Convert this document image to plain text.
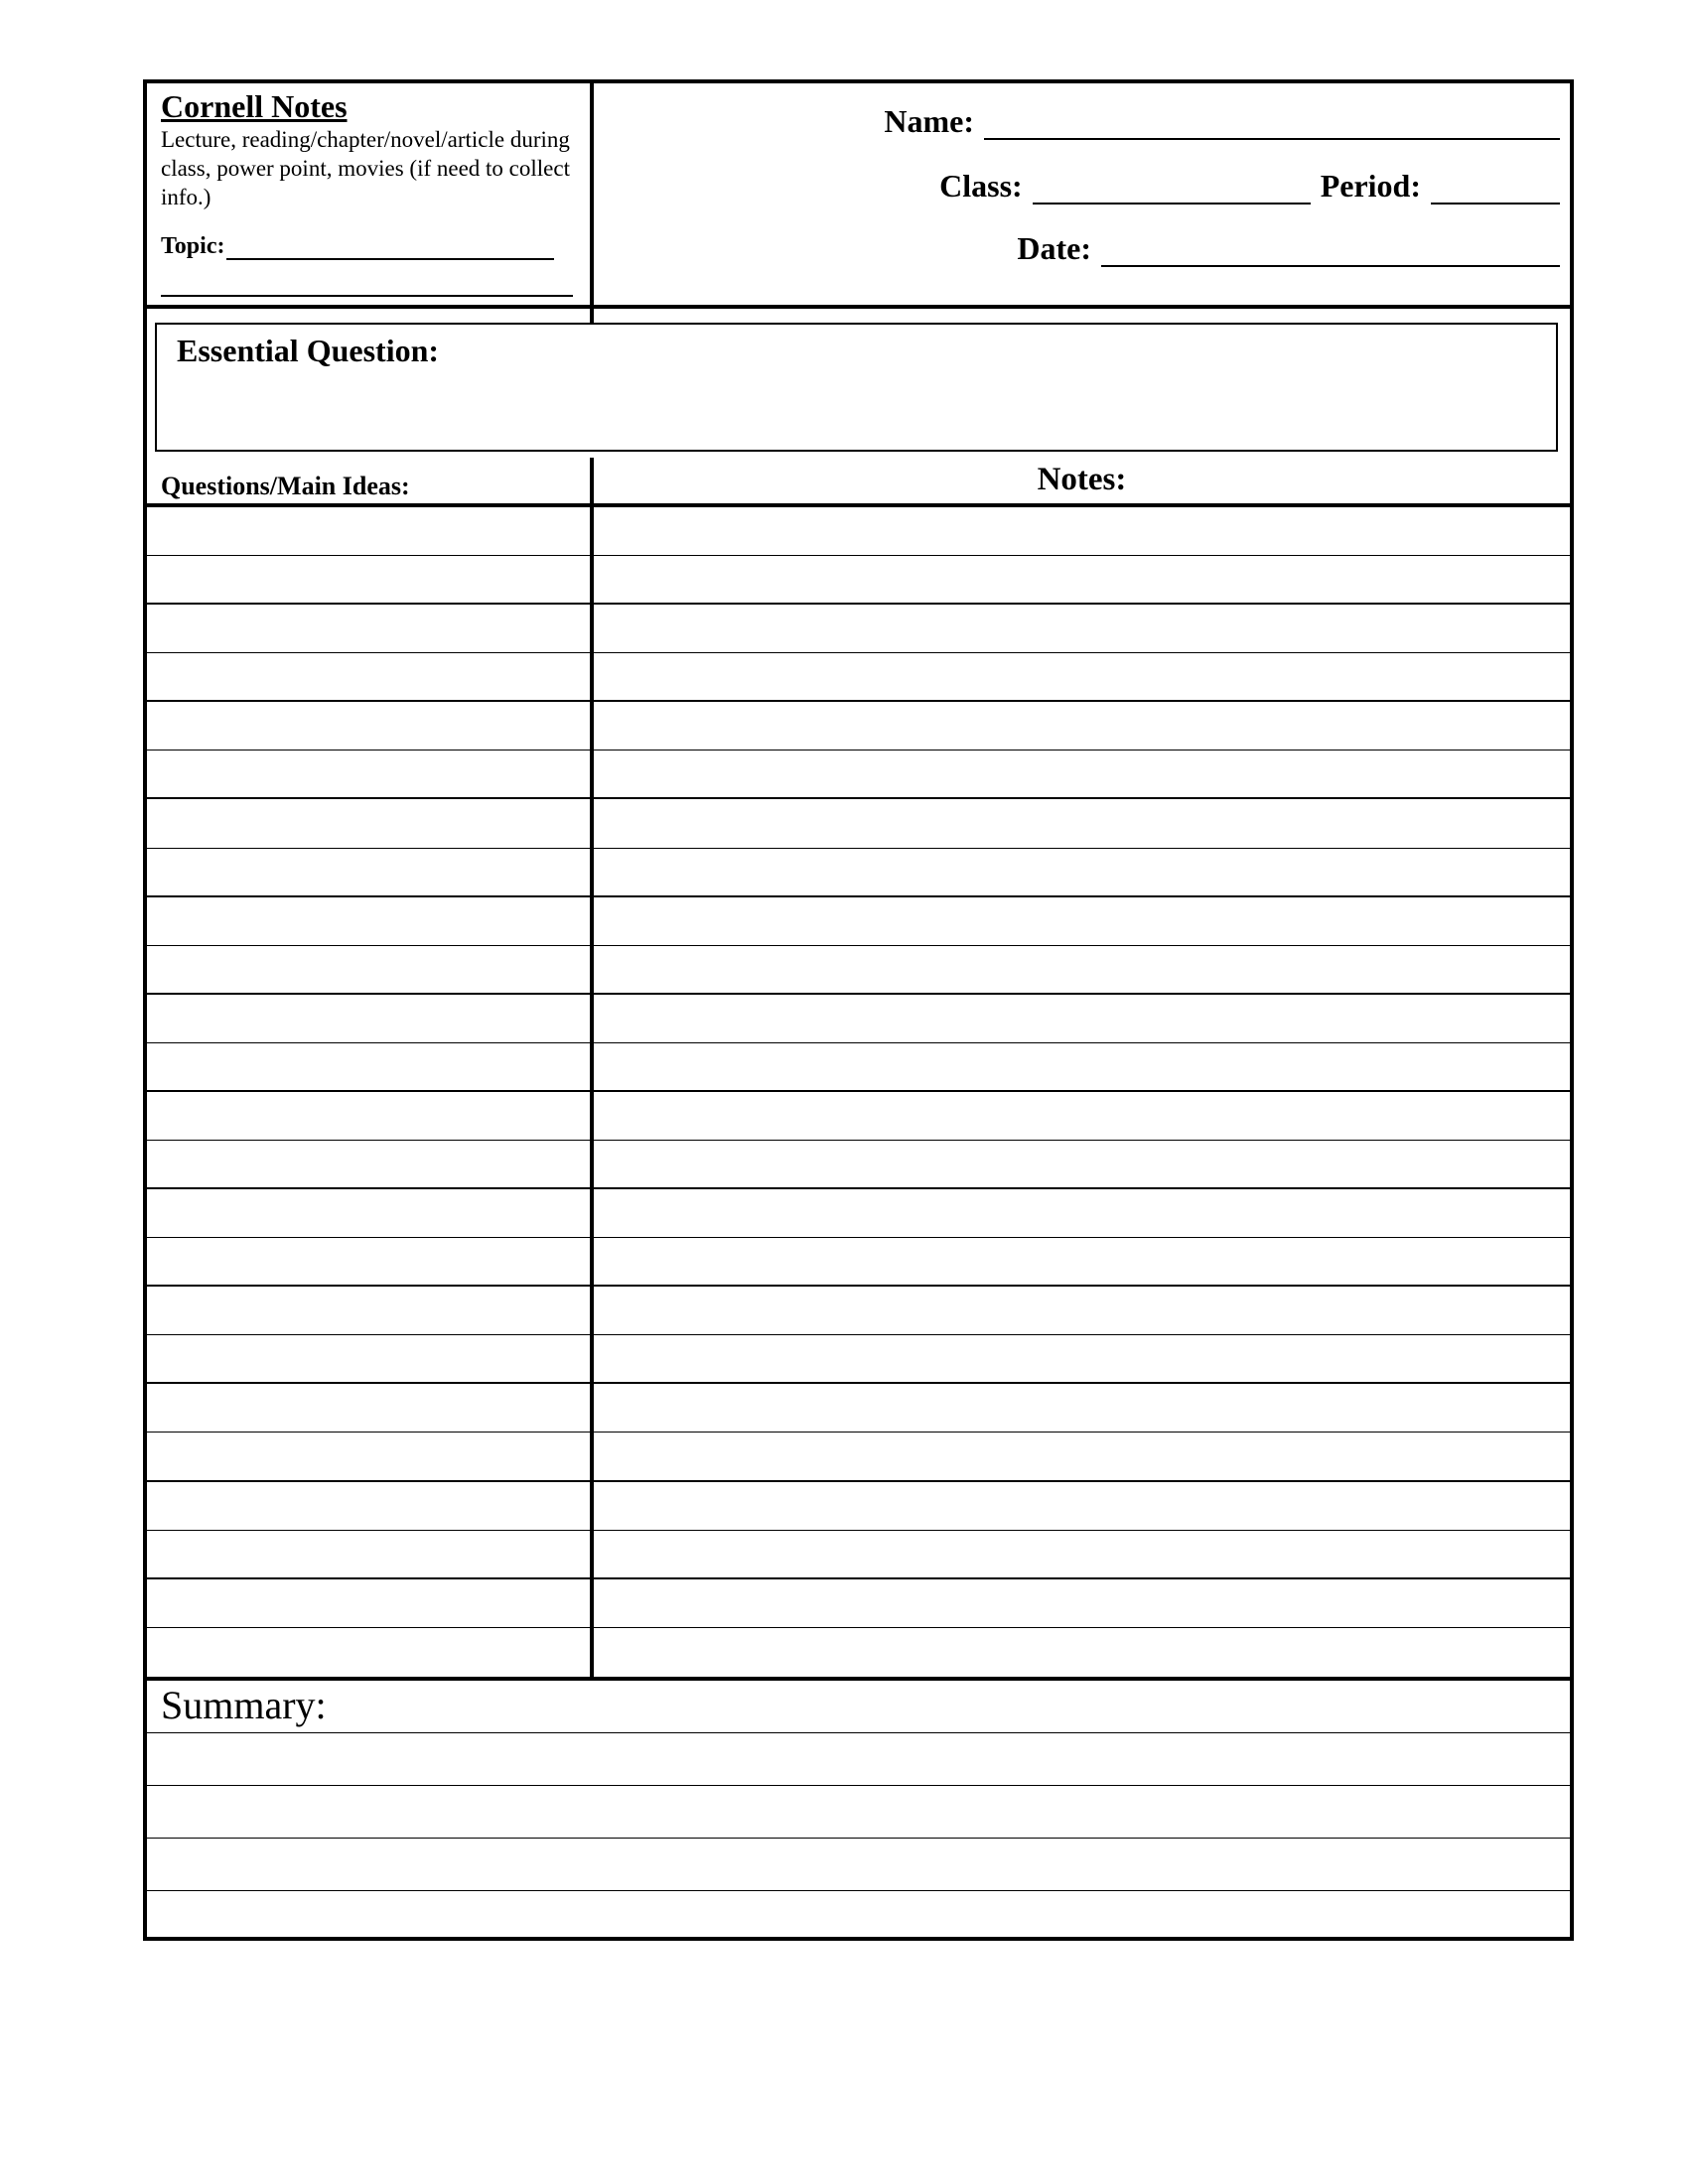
Cornell Notes

Lecture, reading/chapter/novel/article during class, power point, movies (if need to collect info.)

Topic:
Name:
Class:	Period:
Date:
Essential Question:
Questions/Main Ideas:	Notes:
Summary:
